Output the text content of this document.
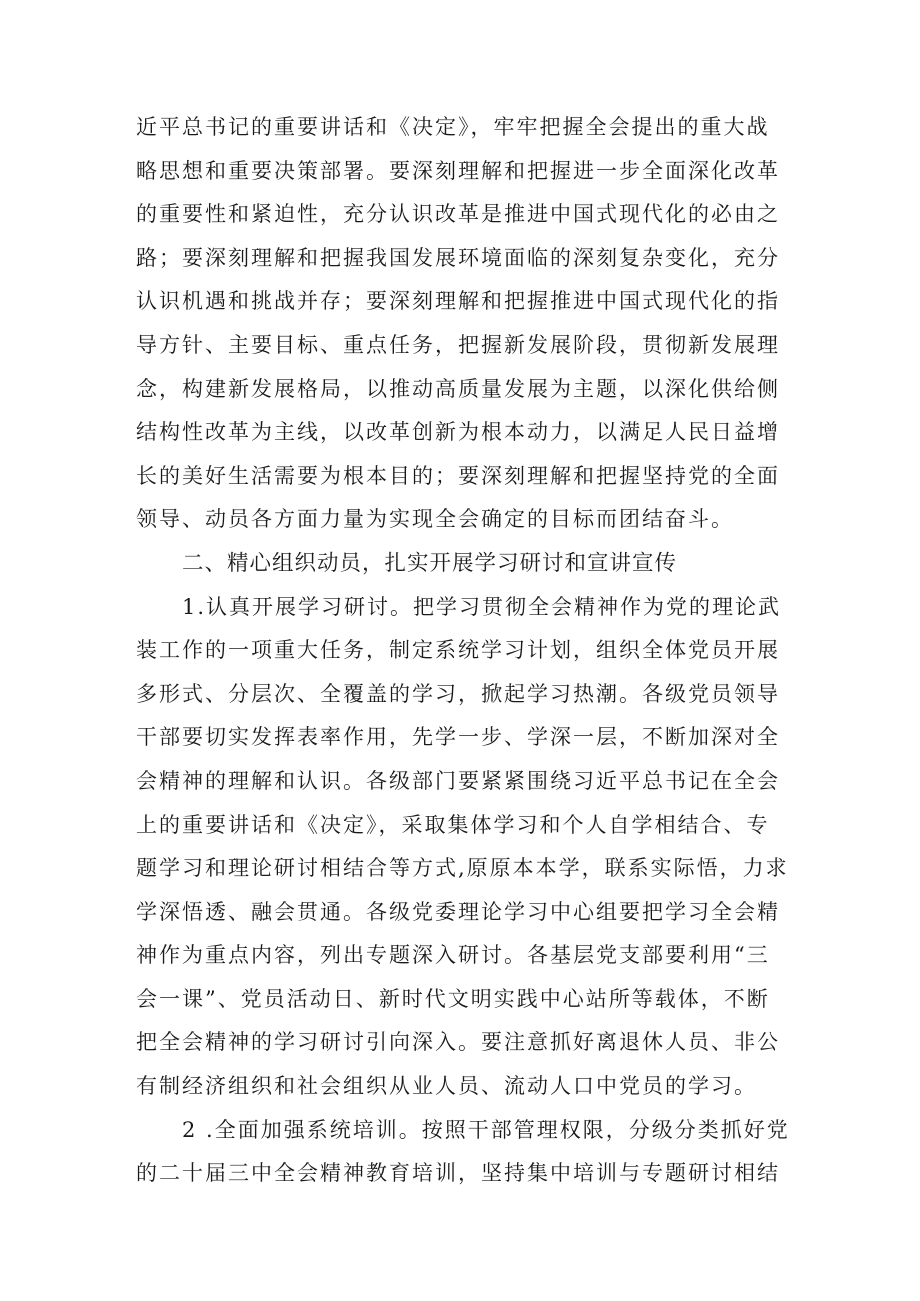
近平总书记的重要讲话和《决定》，牢牢把握全会提出的重大战
略思想和重要决策部署。要深刻理解和把握进一步全面深化改革
的重要性和紧迫性，充分认识改革是推进中国式现代化的必由之
路；要深刻理解和把握我国发展环境面临的深刻复杂变化，充分
认识机遇和挑战并存；要深刻理解和把握推进中国式现代化的指
导方针、主要目标、重点任务，把握新发展阶段，贯彻新发展理
念，构建新发展格局，以推动高质量发展为主题，以深化供给侧
结构性改革为主线，以改革创新为根本动力，以满足人民日益增
长的美好生活需要为根本目的；要深刻理解和把握坚持党的全面
领导、动员各方面力量为实现全会确定的目标而团结奋斗。

二、精心组织动员，扎实开展学习研讨和宣讲宣传

1.认真开展学习研讨。把学习贯彻全会精神作为党的理论武
装工作的一项重大任务，制定系统学习计划，组织全体党员开展
多形式、分层次、全覆盖的学习，掀起学习热潮。各级党员领导
干部要切实发挥表率作用，先学一步、学深一层，不断加深对全
会精神的理解和认识。各级部门要紧紧围绕习近平总书记在全会
上的重要讲话和《决定》，采取集体学习和个人自学相结合、专
题学习和理论研讨相结合等方式,原原本本学，联系实际悟，力求
学深悟透、融会贯通。各级党委理论学习中心组要把学习全会精
神作为重点内容，列出专题深入研讨。各基层党支部要利用“三
会一课”、党员活动日、新时代文明实践中心站所等载体，不断
把全会精神的学习研讨引向深入。要注意抓好离退休人员、非公
有制经济组织和社会组织从业人员、流动人口中党员的学习。

2 .全面加强系统培训。按照干部管理权限，分级分类抓好党
的二十届三中全会精神教育培训，坚持集中培训与专题研讨相结
